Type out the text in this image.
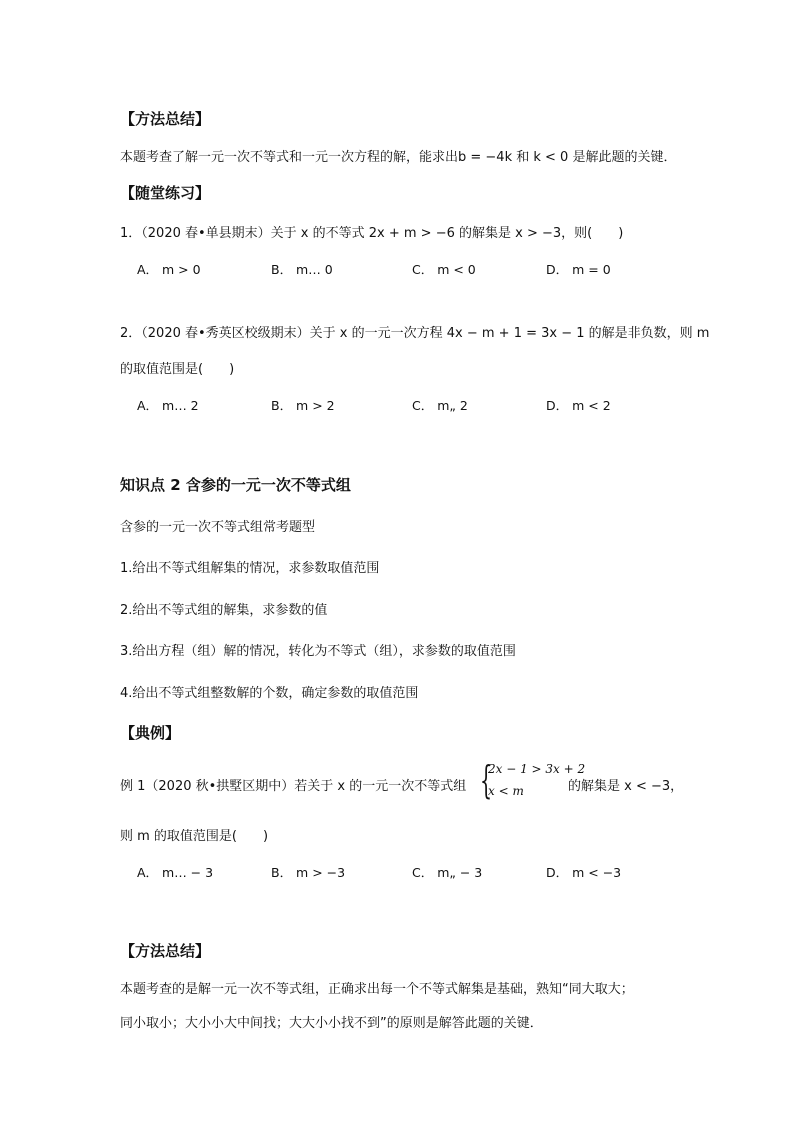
【方法总结】
本题考查了解一元一次不等式和一元一次方程的解，能求出b = −4k 和 k < 0 是解此题的关键．
【随堂练习】
1．（2020 春•单县期末）关于 x 的不等式 2x + m > −6 的解集是 x > −3，则(　　)
A． m > 0	B． m… 0	C． m < 0	D． m = 0
2．（2020 春•秀英区校级期末）关于 x 的一元一次方程 4x − m + 1 = 3x − 1 的解是非负数，则 m
的取值范围是(　　)
A． m… 2	B． m > 2	C． m„ 2	D． m < 2
知识点 2 含参的一元一次不等式组
含参的一元一次不等式组常考题型
1.给出不等式组解集的情况，求参数取值范围
2.给出不等式组的解集，求参数的值
3.给出方程（组）解的情况，转化为不等式（组），求参数的取值范围
4.给出不等式组整数解的个数，确定参数的取值范围
【典例】
例 1（2020 秋•拱墅区期中）若关于 x 的一元一次不等式组 {
2x − 1 > 3x + 2
x < m	的解集是 x < −3，
则 m 的取值范围是(　　)
A． m… − 3	B． m > −3	C． m„ − 3	D． m < −3
【方法总结】
本题考查的是解一元一次不等式组，正确求出每一个不等式解集是基础，熟知“同大取大；
同小取小；大小小大中间找；大大小小找不到”的原则是解答此题的关键．
